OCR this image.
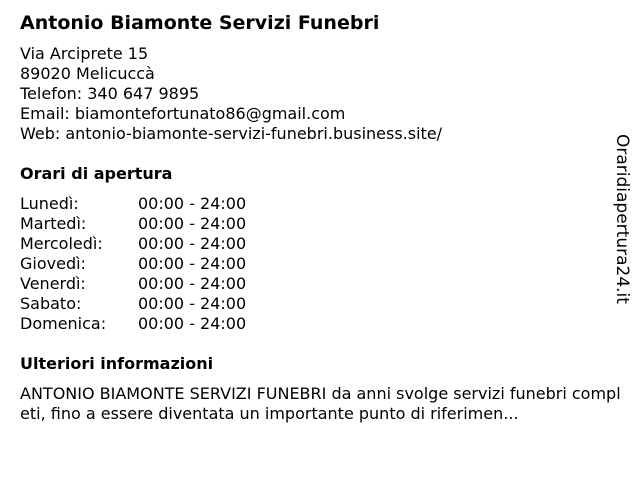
Antonio Biamonte Servizi Funebri
Via Arciprete 15
89020 Melicuccà
Telefon: 340 647 9895
Email: biamontefortunato86@gmail.com
Web: antonio-biamonte-servizi-funebri.business.site/
Orari di apertura
Lunedì:	00:00 - 24:00
Martedì:	00:00 - 24:00
Mercoledì: 00:00 - 24:00
Giovedì:	00:00 - 24:00
Venerdì:	00:00 - 24:00
Sabato:	00:00 - 24:00
Domenica: 00:00 - 24:00
Ulteriori informazioni
ANTONIO BIAMONTE SERVIZI FUNEBRI da anni svolge servizi funebri completi, fino a essere diventata un importante punto di riferimen...
Oraridiapertura24.it
